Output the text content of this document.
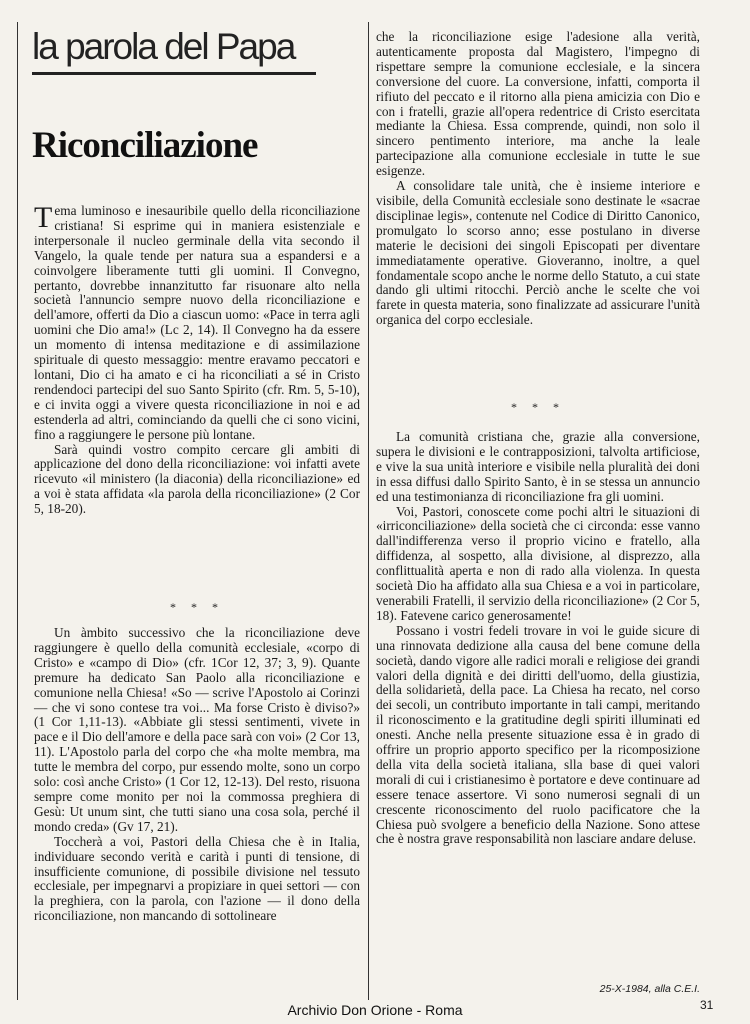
la parola del Papa
Riconciliazione

Tema luminoso e inesauribile quello della riconciliazione cristiana! Si esprime qui in maniera esistenziale e interpersonale il nucleo germinale della vita secondo il Vangelo, la quale tende per natura sua a espandersi e a coinvolgere liberamente tutti gli uomini. Il Convegno, pertanto, dovrebbe innanzitutto far risuonare alto nella società l'annuncio sempre nuovo della riconciliazione e dell'amore, offerti da Dio a ciascun uomo: «Pace in terra agli uomini che Dio ama!» (Lc 2, 14). Il Convegno ha da essere un momento di intensa meditazione e di assimilazione spirituale di questo messaggio: mentre eravamo peccatori e lontani, Dio ci ha amato e ci ha riconciliati a sé in Cristo rendendoci partecipi del suo Santo Spirito (cfr. Rm. 5, 5-10), e ci invita oggi a vivere questa riconciliazione in noi e ad estenderla ad altri, cominciando da quelli che ci sono vicini, fino a raggiungere le persone più lontane.

Sarà quindi vostro compito cercare gli ambiti di applicazione del dono della riconciliazione: voi infatti avete ricevuto «il ministero (la diaconia) della riconciliazione» ed a voi è stata affidata «la parola della riconciliazione» (2 Cor 5, 18-20).

* * *

Un àmbito successivo che la riconciliazione deve raggiungere è quello della comunità ecclesiale, «corpo di Cristo» e «campo di Dio» (cfr. 1Cor 12, 37; 3, 9). Quante premure ha dedicato San Paolo alla riconciliazione e comunione nella Chiesa! «So — scrive l'Apostolo ai Corinzi — che vi sono contese tra voi... Ma forse Cristo è diviso?» (1 Cor 1,11-13). «Abbiate gli stessi sentimenti, vivete in pace e il Dio dell'amore e della pace sarà con voi» (2 Cor 13, 11). L'Apostolo parla del corpo che «ha molte membra, ma tutte le membra del corpo, pur essendo molte, sono un corpo solo: così anche Cristo» (1 Cor 12, 12-13). Del resto, risuona sempre come monito per noi la commossa preghiera di Gesù: Ut unum sint, che tutti siano una cosa sola, perché il mondo creda» (Gv 17, 21).

Toccherà a voi, Pastori della Chiesa che è in Italia, individuare secondo verità e carità i punti di tensione, di insufficiente comunione, di possibile divisione nel tessuto ecclesiale, per impegnarvi a propiziare in quei settori — con la preghiera, con la parola, con l'azione — il dono della riconciliazione, non mancando di sottolineare

che la riconciliazione esige l'adesione alla verità, autenticamente proposta dal Magistero, l'impegno di rispettare sempre la comunione ecclesiale, e la sincera conversione del cuore. La conversione, infatti, comporta il rifiuto del peccato e il ritorno alla piena amicizia con Dio e con i fratelli, grazie all'opera redentrice di Cristo esercitata mediante la Chiesa. Essa comprende, quindi, non solo il sincero pentimento interiore, ma anche la leale partecipazione alla comunione ecclesiale in tutte le sue esigenze.

A consolidare tale unità, che è insieme interiore e visibile, della Comunità ecclesiale sono destinate le «sacrae disciplinae legis», contenute nel Codice di Diritto Canonico, promulgato lo scorso anno; esse postulano in diverse materie le decisioni dei singoli Episcopati per diventare immediatamente operative. Gioveranno, inoltre, a quel fondamentale scopo anche le norme dello Statuto, a cui state dando gli ultimi ritocchi. Perciò anche le scelte che voi farete in questa materia, sono finalizzate ad assicurare l'unità organica del corpo ecclesiale.

* * *

La comunità cristiana che, grazie alla conversione, supera le divisioni e le contrapposizioni, talvolta artificiose, e vive la sua unità interiore e visibile nella pluralità dei doni in essa diffusi dallo Spirito Santo, è in se stessa un annuncio ed una testimonianza di riconciliazione fra gli uomini.

Voi, Pastori, conoscete come pochi altri le situazioni di «irriconciliazione» della società che ci circonda: esse vanno dall'indifferenza verso il proprio vicino e fratello, alla diffidenza, al sospetto, alla divisione, al disprezzo, alla conflittualità aperta e non di rado alla violenza. In questa società Dio ha affidato alla sua Chiesa e a voi in particolare, venerabili Fratelli, il servizio della riconciliazione» (2 Cor 5, 18). Fatevene carico generosamente!

Possano i vostri fedeli trovare in voi le guide sicure di una rinnovata dedizione alla causa del bene comune della società, dando vigore alle radici morali e religiose dei grandi valori della dignità e dei diritti dell'uomo, della giustizia, della solidarietà, della pace. La Chiesa ha recato, nel corso dei secoli, un contributo importante in tali campi, meritando il riconoscimento e la gratitudine degli spiriti illuminati ed onesti. Anche nella presente situazione essa è in grado di offrire un proprio apporto specifico per la ricomposizione della vita della società italiana, slla base di quei valori morali di cui i cristianesimo è portatore e deve continuare ad essere tenace assertore. Vi sono numerosi segnali di un crescente riconoscimento del ruolo pacificatore che la Chiesa può svolgere a beneficio della Nazione. Sono attese che è nostra grave responsabilità non lasciare andare deluse.

25-X-1984, alla C.E.I.
Archivio Don Orione - Roma	31
